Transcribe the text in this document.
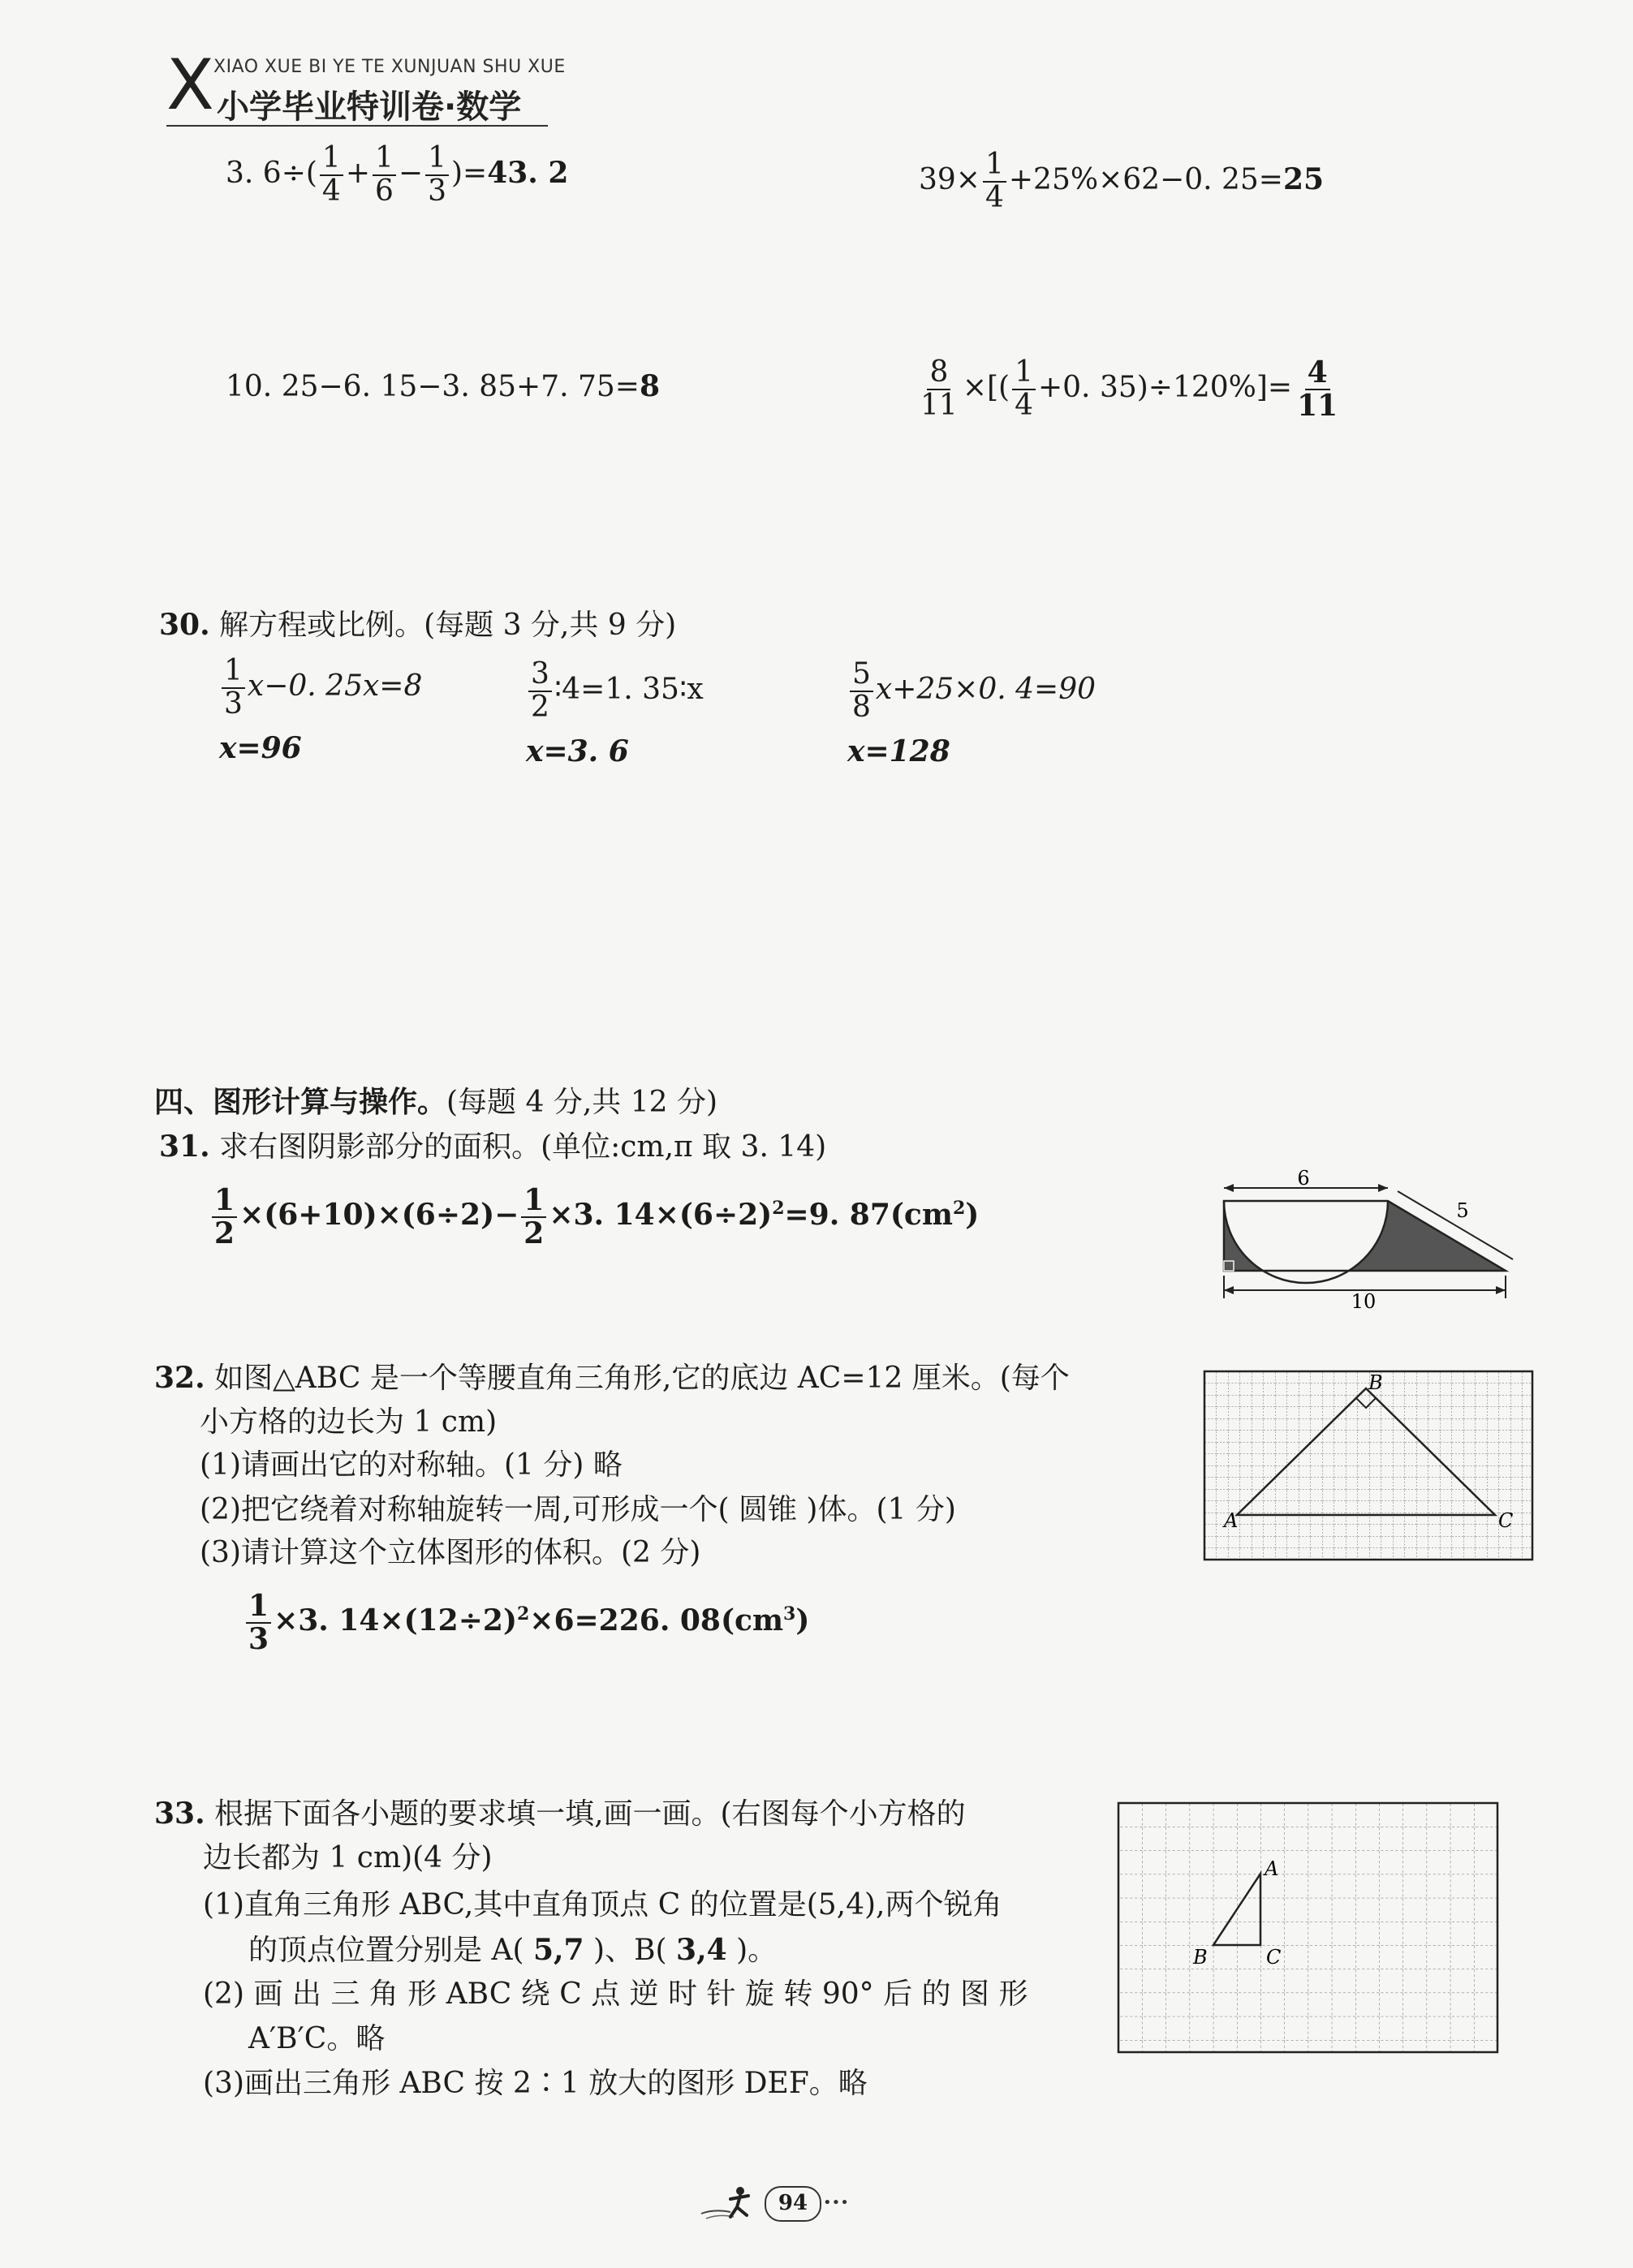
X XIAO XUE BI YE TE XUNJUAN SHU XUE
小学毕业特训卷·数学
3. $6\div( \frac{1}{4} + \frac{1}{6} - \frac{1}{3} )=43$. 2	$39\times \frac{1}{4} +25\%\times 62-0$. 25=25
10. 25−6. 15−3. 85+7. 75=8	$\frac{8}{11}$ ×[( $\frac{1}{4} +0$. $35)\div 120\%]= \frac{4}{11}$
30. 解方程或比例。(每题 3 分,共 9 分)
$\frac{1}{3} x-0$. 25x=8
x=96
$\frac{3}{2}$ ∶4=1. 35∶x
x=3. 6
$\frac{5}{8} x+25\times 0$. 4=90
x=128
四、图形计算与操作。(每题 4 分,共 12 分)
31. 求右图阴影部分的面积。(单位:cm,π 取 3. 14)
$\frac{1}{2} \times(6+10)\times(6\div 2)- \frac{1}{2} \times 3$. $14\times(6\div 2)^2=9$. $87(cm^2)$
6
5
10
32. 如图△ABC 是一个等腰直角三角形,它的底边 AC=12 厘米。(每个
小方格的边长为 1 cm)
(1)请画出它的对称轴。(1 分) 略
(2)把它绕着对称轴旋转一周,可形成一个( 圆锥 )体。(1 分)
(3)请计算这个立体图形的体积。(2 分)
$\frac{1}{3} \times 3$. $14\times(12\div 2)^2\times 6=226$. $08(cm^3)$
A
B
C
33. 根据下面各小题的要求填一填,画一画。(右图每个小方格的
边长都为 1 cm)(4 分)
(1)直角三角形 ABC,其中直角顶点 C 的位置是(5,4),两个锐角
的顶点位置分别是 A( 5,7 )、B( 3,4 )。
(2) 画 出 三 角 形 ABC 绕 C 点 逆 时 针 旋 转 90° 后 的 图 形
A′B′C。略
(3)画出三角形 ABC 按 2∶1 放大的图形 DEF。略
A
B	C
94	•••
